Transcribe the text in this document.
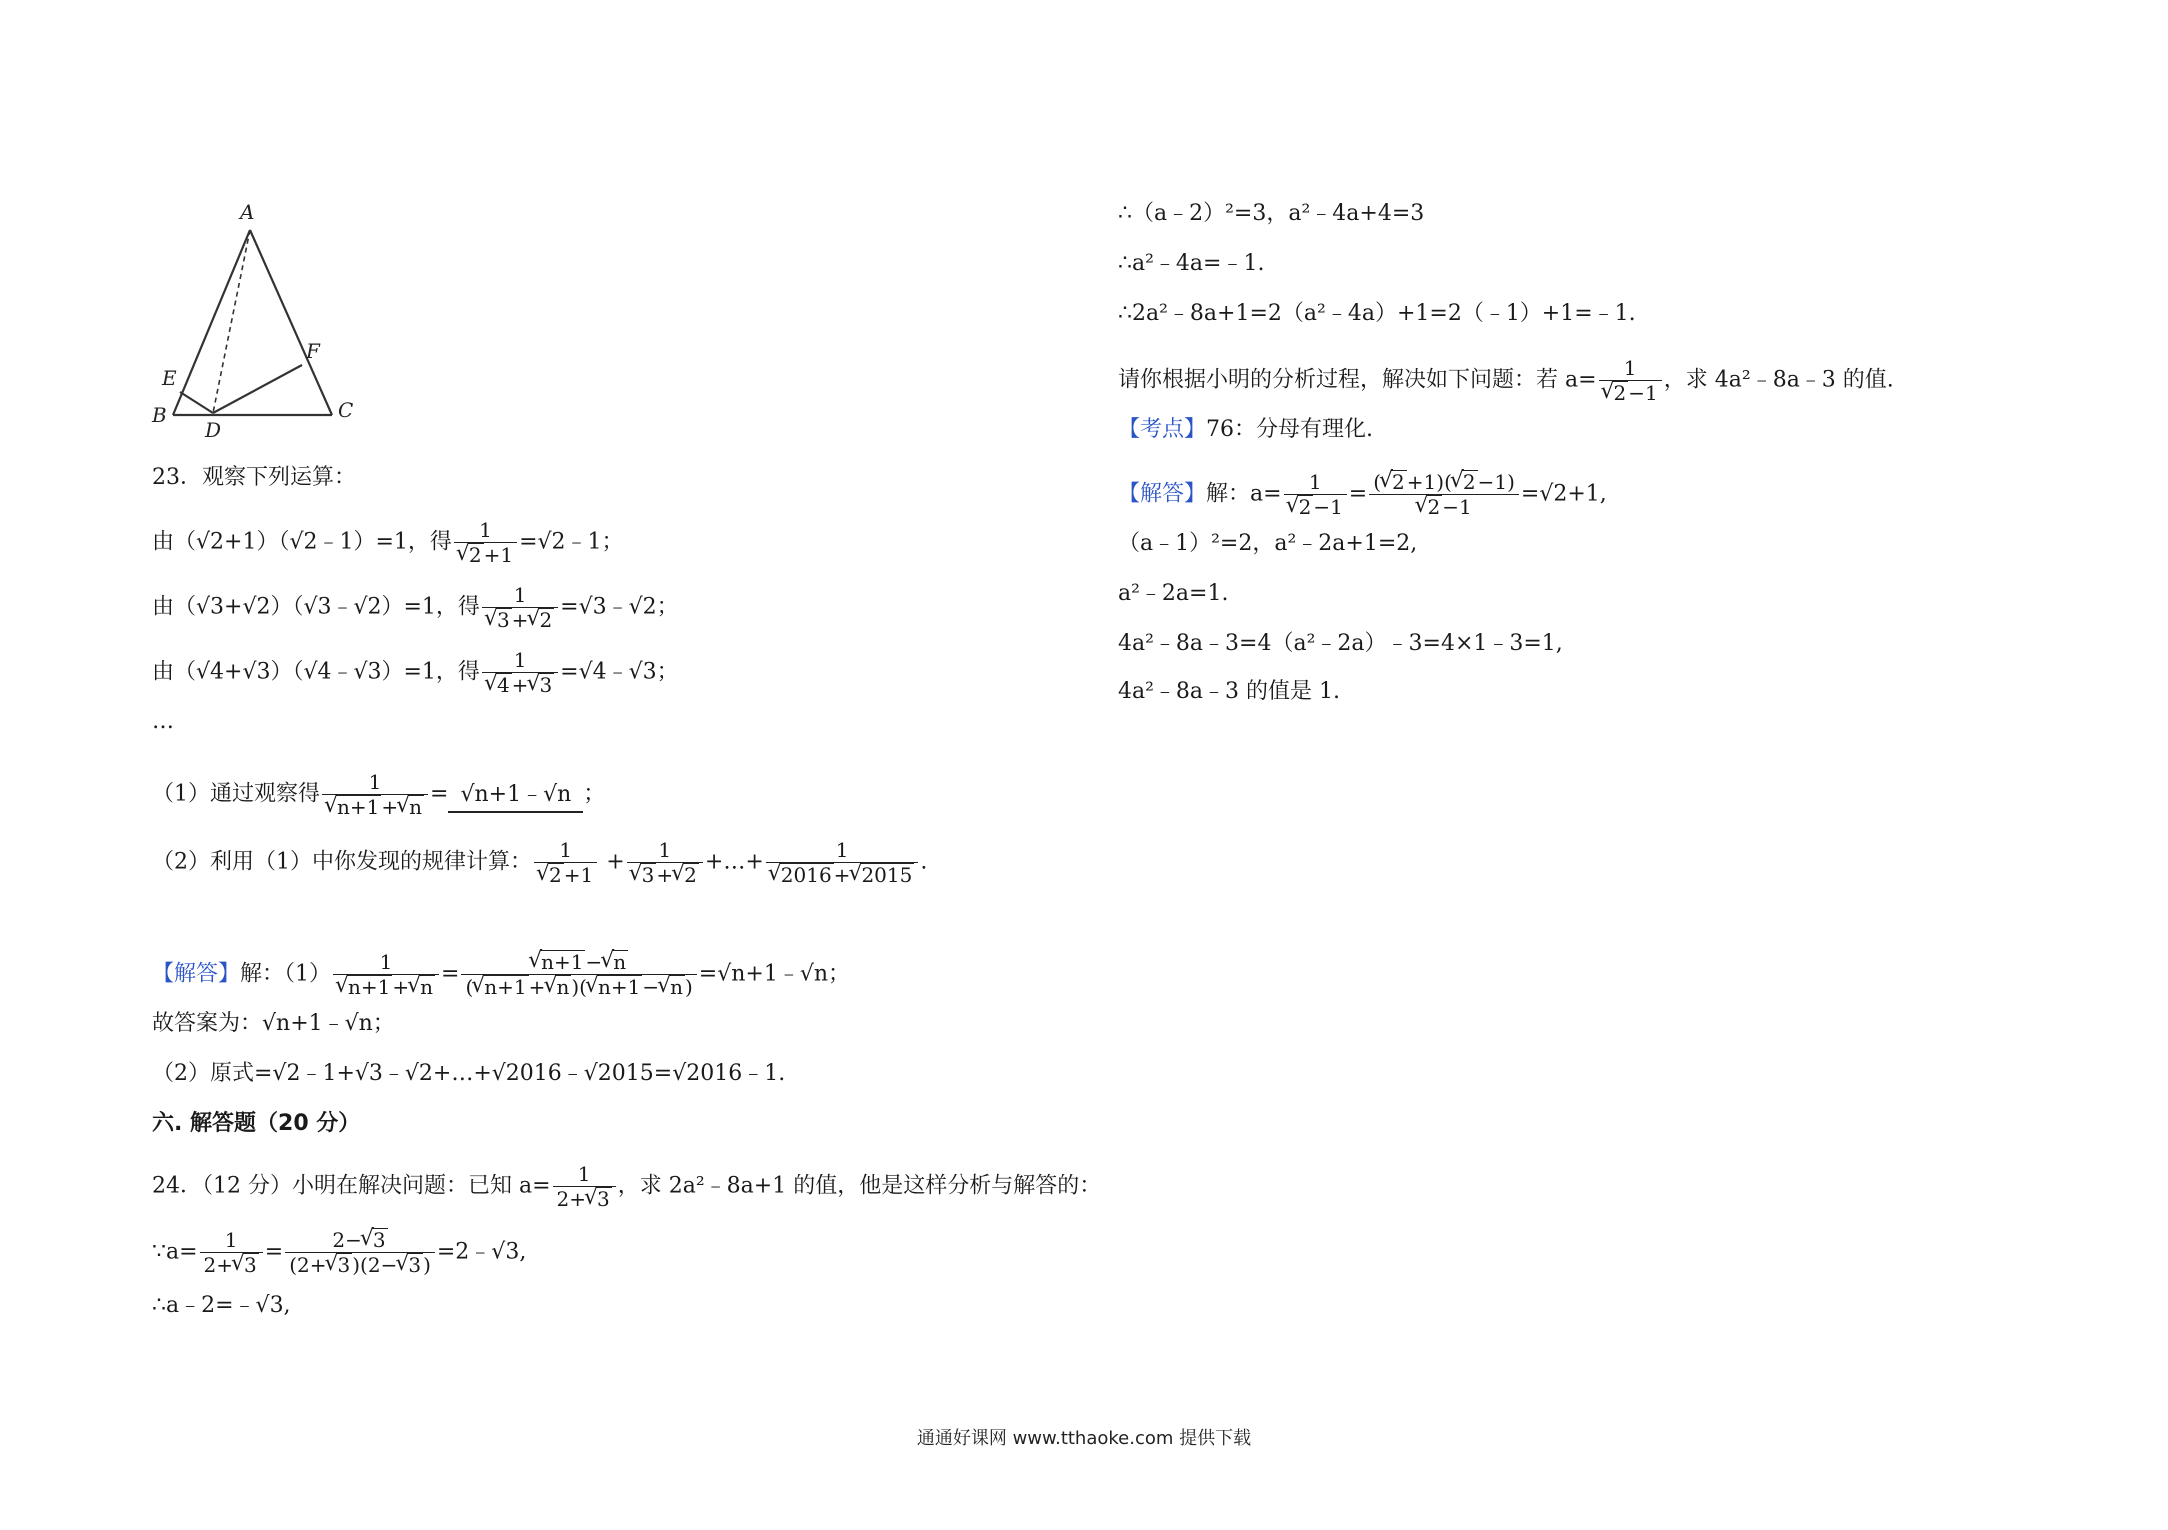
A
B	C
D
E
F
23．观察下列运算：
由（√2+1）（√2﹣1）=1，得 1
√ 2 +1 =√2﹣1；
由（√3+√2）（√3﹣√2）=1，得 1
√ 3 + √ 2 =√3﹣√2；
由（√4+√3）（√4﹣√3）=1，得 1
√ 4 + √ 3 =√4﹣√3；
…
（1）通过观察得 1
√ n+1 + √ n = √n+1﹣√n ；
（2）利用（1）中你发现的规律计算： 1
√ 2 +1 + 1
√ 3 + √ 2 +…+ 1
√ 2016 + √ 2015 .
【解答】解：（1） 1
√ n+1 + √ n = √ $\frac{n+1 - √ n}{( √ n+1 + √ n )( √ n+1 - √ n )}$ =√n+1﹣√n；
故答案为：√n+1﹣√n；
（2）原式=√2﹣1+√3﹣√2+…+√2016﹣√2015=√2016﹣1.
六. 解答题（20 分）
24．（12 分）小明在解决问题：已知 $a= \frac{1}{2+ √ 3}$ ，求 2a²﹣8a+1 的值，他是这样分析与解答的：
∵a= $\frac{1}{2+ √ 3} = \frac{2- √ 3}{(2+ √ 3 )(2- √ 3 )}$ =2﹣√3,
∴a﹣2=﹣√3,
∴（a﹣2）²=3，a²﹣4a+4=3
∴a²﹣4a=﹣1.
∴2a²﹣8a+1=2（a²﹣4a）+1=2（﹣1）+1=﹣1.
请你根据小明的分析过程，解决如下问题：若 a= 1
√ 2 −1 ，求 4a²﹣8a﹣3 的值.
【考点】76：分母有理化.
【解答】解：a= 1
√ 2 −1 = ( √ 2 +1)( √ 2 −1)
√ 2 −1 =√2+1,
（a﹣1）²=2，a²﹣2a+1=2,
a²﹣2a=1.
4a²﹣8a﹣3=4（a²﹣2a）﹣3=4×1﹣3=1,
4a²﹣8a﹣3 的值是 1.
通通好课网 www.tthaoke.com 提供下载
